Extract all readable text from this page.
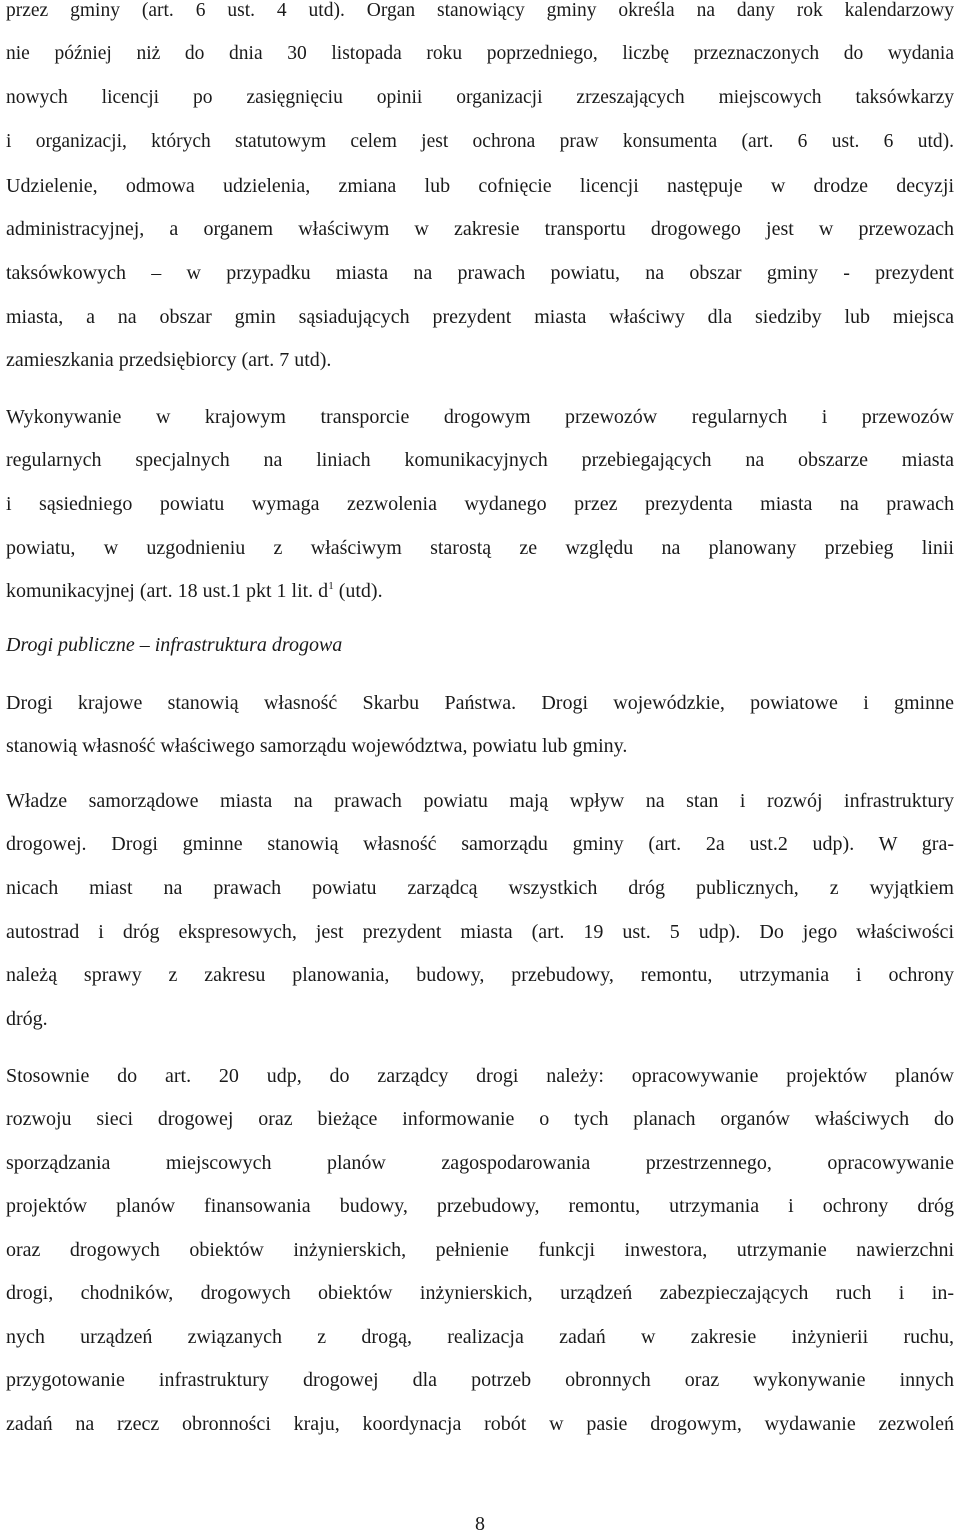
przez gminy (art. 6 ust. 4 utd). Organ stanowiący gminy określa na dany rok kalendarzowy
nie później niż do dnia 30 listopada roku poprzedniego, liczbę przeznaczonych do wydania
nowych licencji po zasięgnięciu opinii organizacji zrzeszających miejscowych taksówkarzy
i organizacji, których statutowym celem jest ochrona praw konsumenta (art. 6 ust. 6 utd).
Udzielenie, odmowa udzielenia, zmiana lub cofnięcie licencji następuje w drodze decyzji
administracyjnej, a organem właściwym w zakresie transportu drogowego jest w przewozach
taksówkowych – w przypadku miasta na prawach powiatu, na obszar gminy - prezydent
miasta, a na obszar gmin sąsiadujących prezydent miasta właściwy dla siedziby lub miejsca
zamieszkania przedsiębiorcy (art. 7 utd).
Wykonywanie w krajowym transporcie drogowym przewozów regularnych i przewozów
regularnych specjalnych na liniach komunikacyjnych przebiegających na obszarze miasta
i sąsiedniego powiatu wymaga zezwolenia wydanego przez prezydenta miasta na prawach
powiatu, w uzgodnieniu z właściwym starostą ze względu na planowany przebieg linii
komunikacyjnej (art. 18 ust.1 pkt 1 lit. $d^1$ (utd).
Drogi publiczne – infrastruktura drogowa
Drogi krajowe stanowią własność Skarbu Państwa. Drogi wojewódzkie, powiatowe i gminne
stanowią własność właściwego samorządu województwa, powiatu lub gminy.
Władze samorządowe miasta na prawach powiatu mają wpływ na stan i rozwój infrastruktury
drogowej. Drogi gminne stanowią własność samorządu gminy (art. 2a ust.2 udp). W gra-
nicach miast na prawach powiatu zarządcą wszystkich dróg publicznych, z wyjątkiem
autostrad i dróg ekspresowych, jest prezydent miasta (art. 19 ust. 5 udp). Do jego właściwości
należą sprawy z zakresu planowania, budowy, przebudowy, remontu, utrzymania i ochrony
dróg.
Stosownie do art. 20 udp, do zarządcy drogi należy: opracowywanie projektów planów
rozwoju sieci drogowej oraz bieżące informowanie o tych planach organów właściwych do
sporządzania miejscowych planów zagospodarowania przestrzennego, opracowywanie
projektów planów finansowania budowy, przebudowy, remontu, utrzymania i ochrony dróg
oraz drogowych obiektów inżynierskich, pełnienie funkcji inwestora, utrzymanie nawierzchni
drogi, chodników, drogowych obiektów inżynierskich, urządzeń zabezpieczających ruch i in-
nych urządzeń związanych z drogą, realizacja zadań w zakresie inżynierii ruchu,
przygotowanie infrastruktury drogowej dla potrzeb obronnych oraz wykonywanie innych
zadań na rzecz obronności kraju, koordynacja robót w pasie drogowym, wydawanie zezwoleń
8
